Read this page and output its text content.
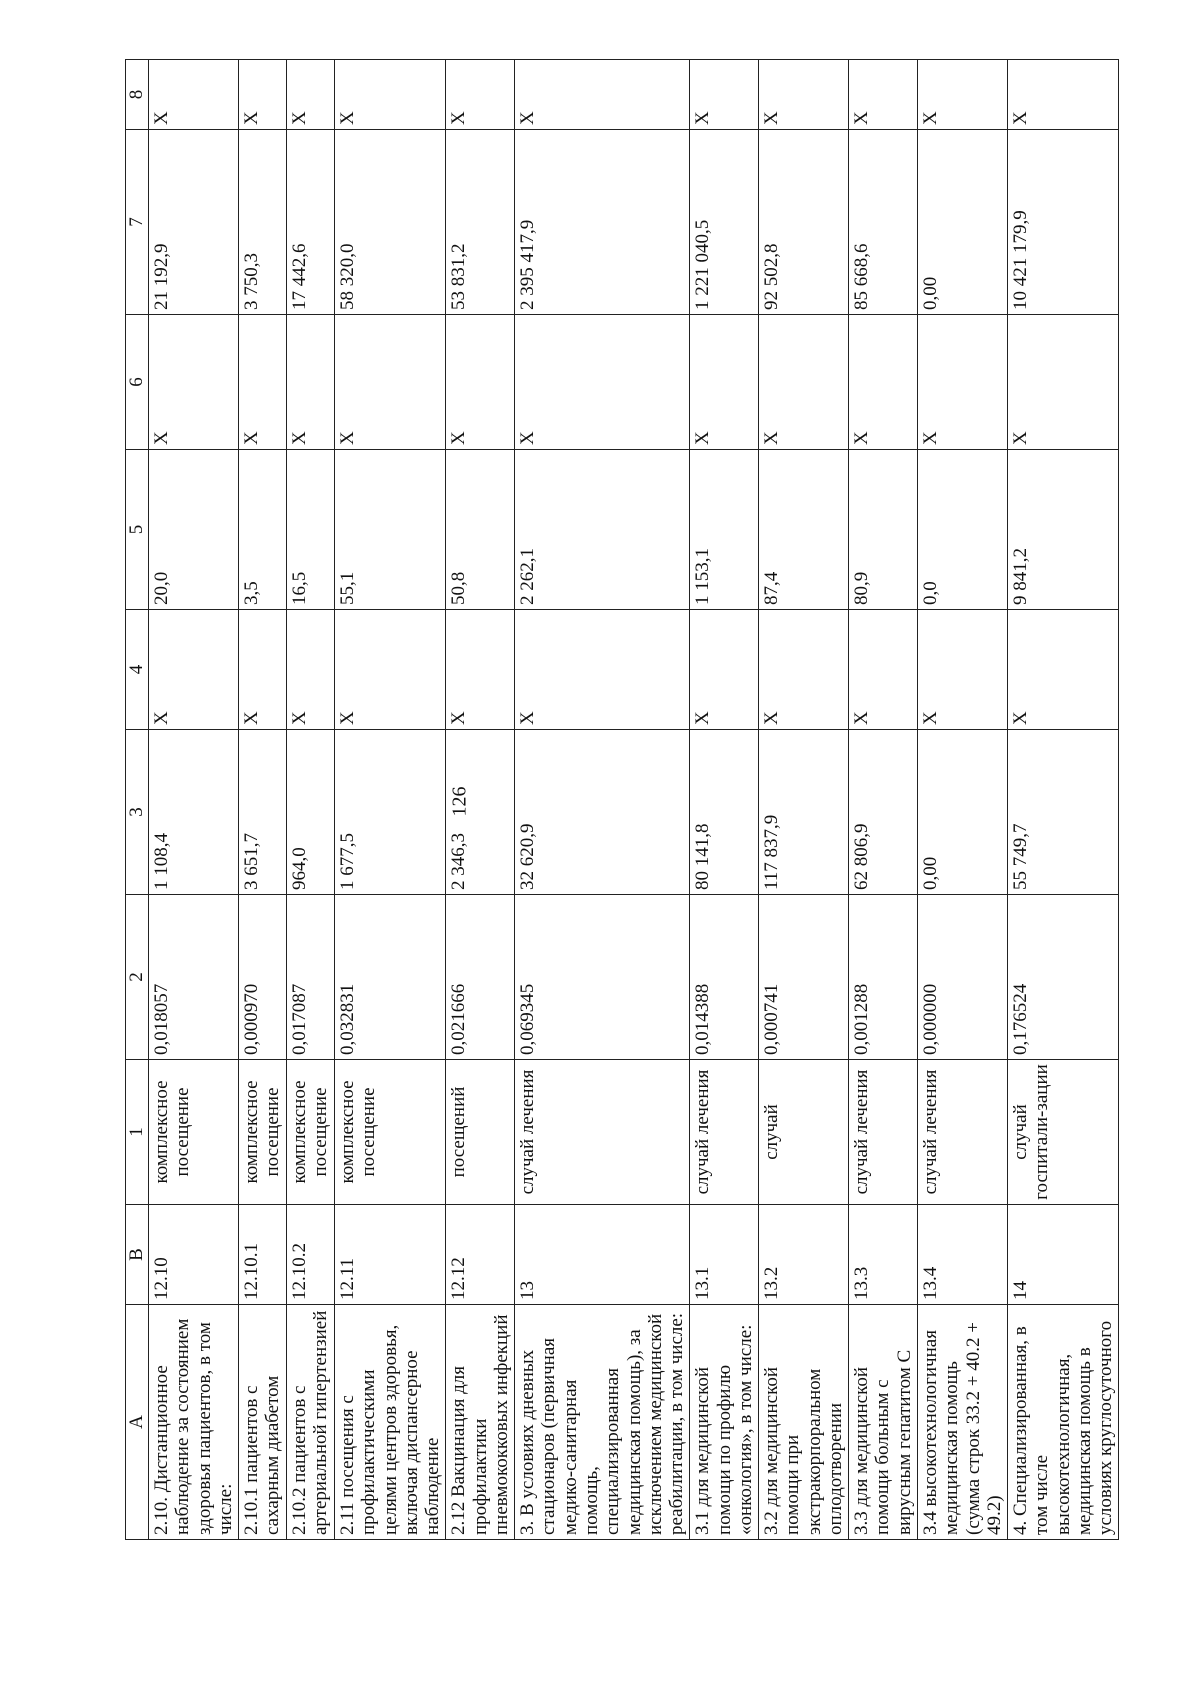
126
A	B	1	2	3	4	5	6	7	8
2.10. Дистанционное наблюдение за состоянием здоровья пациентов, в том числе:	12.10	комплексное посещение	0,018057	1 108,4	X	20,0	X	21 192,9	X
2.10.1 пациентов с сахарным диабетом	12.10.1	комплексное посещение	0,000970	3 651,7	X	3,5	X	3 750,3	X
2.10.2 пациентов с артериальной гипертензией	12.10.2	комплексное посещение	0,017087	964,0	X	16,5	X	17 442,6	X
2.11 посещения с профилактическими целями центров здоровья, включая диспансерное наблюдение	12.11	комплексное посещение	0,032831	1 677,5	X	55,1	X	58 320,0	X
2.12 Вакцинация для профилактики пневмококковых инфекций	12.12	посещений	0,021666	2 346,3	X	50,8	X	53 831,2	X
3. В условиях дневных стационаров (первичная медико-санитарная помощь, специализированная медицинская помощь), за исключением медицинской реабилитации, в том числе:	13	случай лечения	0,069345	32 620,9	X	2 262,1	X	2 395 417,9	X
3.1 для медицинской помощи по профилю «онкология», в том числе:	13.1	случай лечения	0,014388	80 141,8	X	1 153,1	X	1 221 040,5	X
3.2 для медицинской помощи при экстракорпоральном оплодотворении	13.2	случай	0,000741	117 837,9	X	87,4	X	92 502,8	X
3.3 для медицинской помощи больным с вирусным гепатитом С	13.3	случай лечения	0,001288	62 806,9	X	80,9	X	85 668,6	X
3.4 высокотехнологичная медицинская помощь (сумма строк 33.2 + 40.2 + 49.2)	13.4	случай лечения	0,000000	0,00	X	0,0	X	0,00	X
4. Специализированная, в том числе высокотехнологичная, медицинская помощь в условиях круглосуточного	14	случай госпитали-зации	0,176524	55 749,7	X	9 841,2	X	10 421 179,9	X
